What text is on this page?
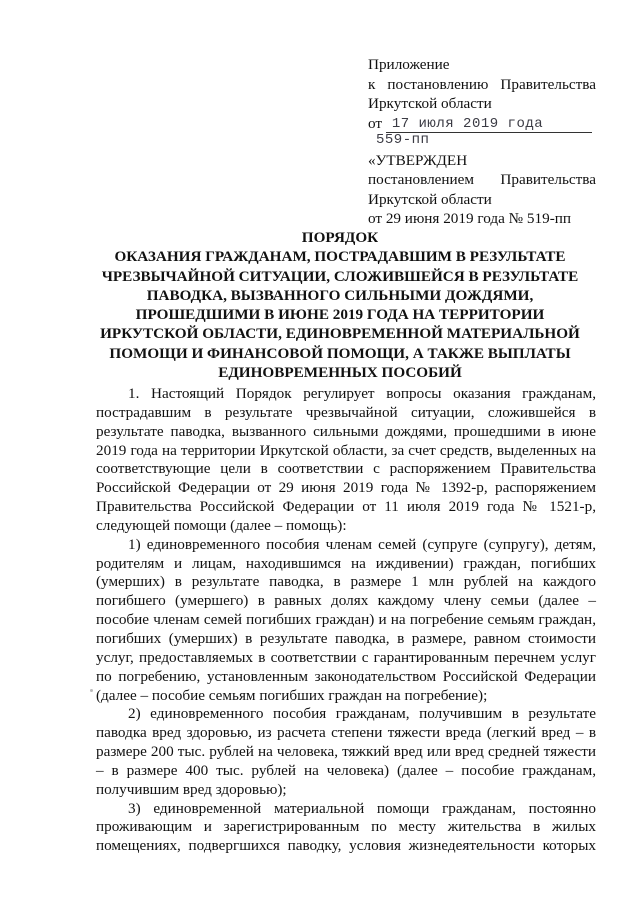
Приложение
к постановлению Правительства
Иркутской области
от 17 июля 2019 года
559-пп
«УТВЕРЖДЕН
постановлением Правительства
Иркутской области
от 29 июня 2019 года № 519-пп
ПОРЯДОК
ОКАЗАНИЯ ГРАЖДАНАМ, ПОСТРАДАВШИМ В РЕЗУЛЬТАТЕ
ЧРЕЗВЫЧАЙНОЙ СИТУАЦИИ, СЛОЖИВШЕЙСЯ В РЕЗУЛЬТАТЕ
ПАВОДКА, ВЫЗВАННОГО СИЛЬНЫМИ ДОЖДЯМИ,
ПРОШЕДШИМИ В ИЮНЕ 2019 ГОДА НА ТЕРРИТОРИИ
ИРКУТСКОЙ ОБЛАСТИ, ЕДИНОВРЕМЕННОЙ МАТЕРИАЛЬНОЙ
ПОМОЩИ И ФИНАНСОВОЙ ПОМОЩИ, А ТАКЖЕ ВЫПЛАТЫ
ЕДИНОВРЕМЕННЫХ ПОСОБИЙ
1. Настоящий Порядок регулирует вопросы оказания гражданам,
пострадавшим в результате чрезвычайной ситуации, сложившейся в
результате паводка, вызванного сильными дождями, прошедшими в июне
2019 года на территории Иркутской области, за счет средств, выделенных на
соответствующие цели в соответствии с распоряжением Правительства
Российской Федерации от 29 июня 2019 года № 1392-р, распоряжением
Правительства Российской Федерации от 11 июля 2019 года № 1521-р,
следующей помощи (далее – помощь):
1) единовременного пособия членам семей (супруге (супругу), детям,
родителям и лицам, находившимся на иждивении) граждан, погибших
(умерших) в результате паводка, в размере 1 млн рублей на каждого
погибшего (умершего) в равных долях каждому члену семьи (далее –
пособие членам семей погибших граждан) и на погребение семьям граждан,
погибших (умерших) в результате паводка, в размере, равном стоимости
услуг, предоставляемых в соответствии с гарантированным перечнем услуг
по погребению, установленным законодательством Российской Федерации
(далее – пособие семьям погибших граждан на погребение);
2) единовременного пособия гражданам, получившим в результате
паводка вред здоровью, из расчета степени тяжести вреда (легкий вред – в
размере 200 тыс. рублей на человека, тяжкий вред или вред средней тяжести
– в размере 400 тыс. рублей на человека) (далее – пособие гражданам,
получившим вред здоровью);
3) единовременной материальной помощи гражданам, постоянно
проживающим и зарегистрированным по месту жительства в жилых
помещениях, подвергшихся паводку, условия жизнедеятельности которых
